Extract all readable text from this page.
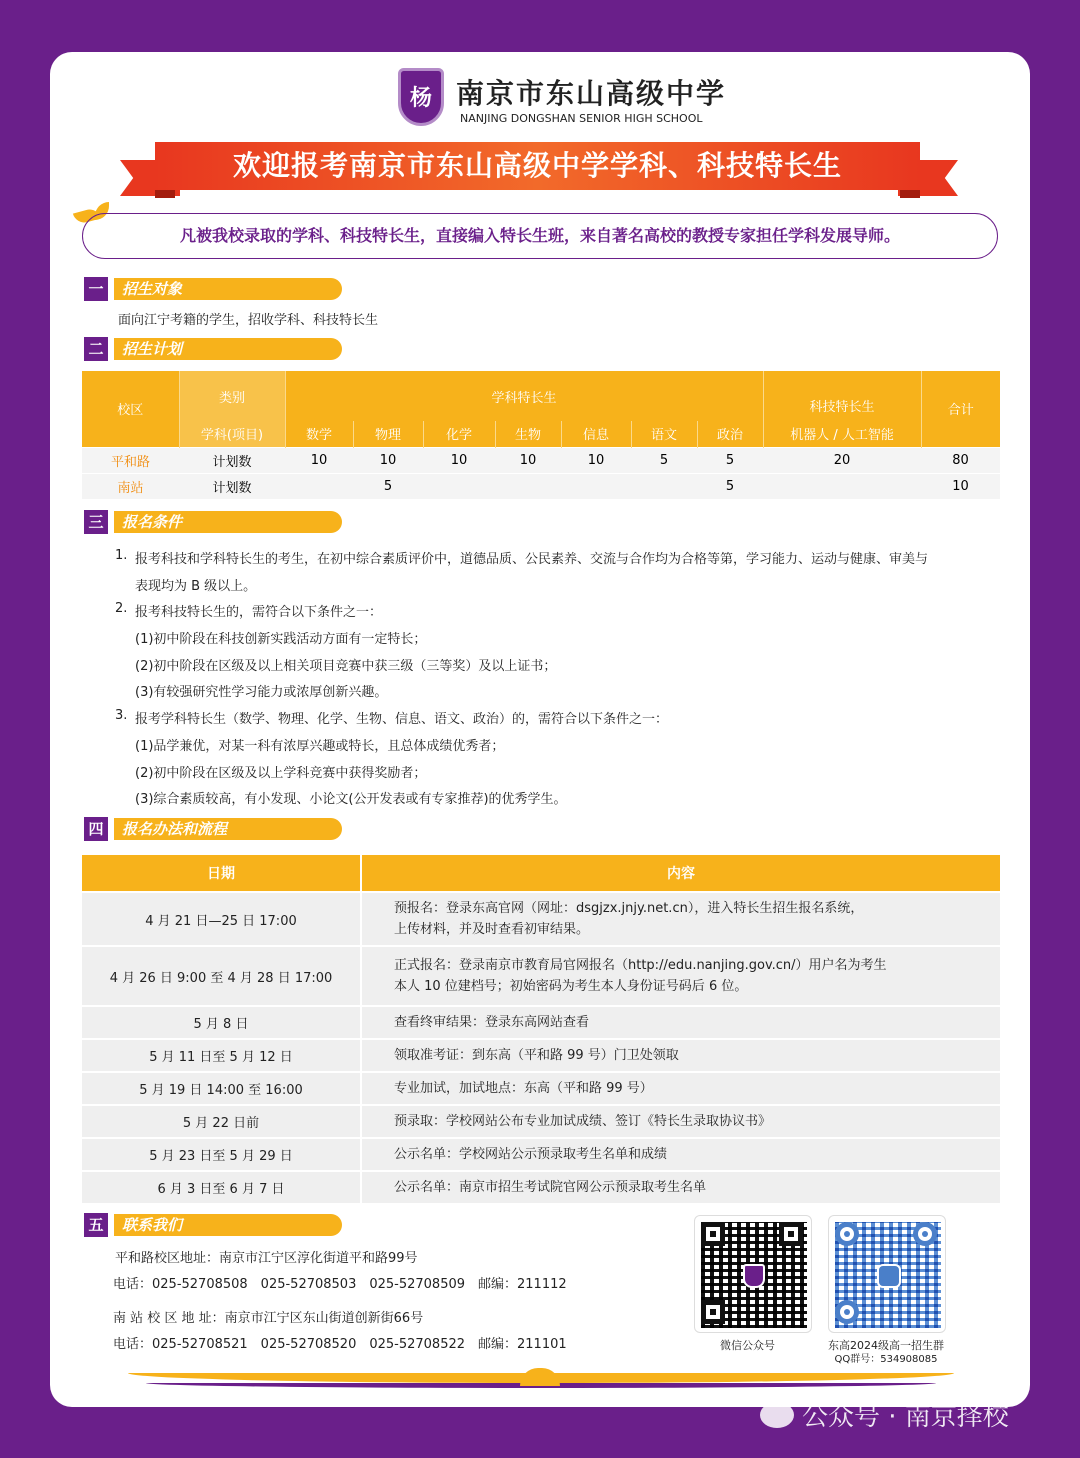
杨 南京市东山高级中学
NANJING DONGSHAN SENIOR HIGH SCHOOL
欢迎报考南京市东山高级中学学科、科技特长生
凡被我校录取的学科、科技特长生，直接编入特长生班，来自著名高校的教授专家担任学科发展导师。
一	招生对象
面向江宁考籍的学生，招收学科、科技特长生
二	招生计划
校区	类别	学科特长生							科技特长生	合计
	学科(项目)	数学	物理	化学	生物	信息	语文	政治	机器人 / 人工智能	
平和路	计划数	10	10	10	10	10	5	5	20	80
南站	计划数		5					5		10
三	报名条件
1. 报考科技和学科特长生的考生，在初中综合素质评价中，道德品质、公民素养、交流与合作均为合格等第，学习能力、运动与健康、审美与
表现均为 B 级以上。
2. 报考科技特长生的，需符合以下条件之一：
(1)初中阶段在科技创新实践活动方面有一定特长；
(2)初中阶段在区级及以上相关项目竞赛中获三级（三等奖）及以上证书；
(3)有较强研究性学习能力或浓厚创新兴趣。
3. 报考学科特长生（数学、物理、化学、生物、信息、语文、政治）的，需符合以下条件之一：
(1)品学兼优，对某一科有浓厚兴趣或特长，且总体成绩优秀者；
(2)初中阶段在区级及以上学科竞赛中获得奖励者；
(3)综合素质较高，有小发现、小论文(公开发表或有专家推荐)的优秀学生。
四	报名办法和流程
日期	内容
4 月 21 日—25 日 17:00	预报名：登录东高官网（网址：dsgjzx.jnjy.net.cn），进入特长生招生报名系统，
上传材料，并及时查看初审结果。

4 月 26 日 9:00 至 4 月 28 日 17:00	正式报名：登录南京市教育局官网报名（http://edu.nanjing.gov.cn/）用户名为考生
本人 10 位建档号；初始密码为考生本人身份证号码后 6 位。

5 月 8 日	查看终审结果：登录东高网站查看
5 月 11 日至 5 月 12 日	领取准考证：到东高（平和路 99 号）门卫处领取
5 月 19 日 14:00 至 16:00	专业加试，加试地点：东高（平和路 99 号）
5 月 22 日前	预录取：学校网站公布专业加试成绩、签订《特长生录取协议书》
5 月 23 日至 5 月 29 日	公示名单：学校网站公示预录取考生名单和成绩
6 月 3 日至 6 月 7 日	公示名单：南京市招生考试院官网公示预录取考生名单
五	联系我们
平和路校区地址：南京市江宁区淳化街道平和路99号
电话：025-52708508　025-52708503　025-52708509　邮编：211112
南 站 校 区 地 址：南京市江宁区东山街道创新街66号
电话：025-52708521　025-52708520　025-52708522　邮编：211101	微信公众号	东高2024级高一招生群
QQ群号：534908085
公众号 · 南京择校
